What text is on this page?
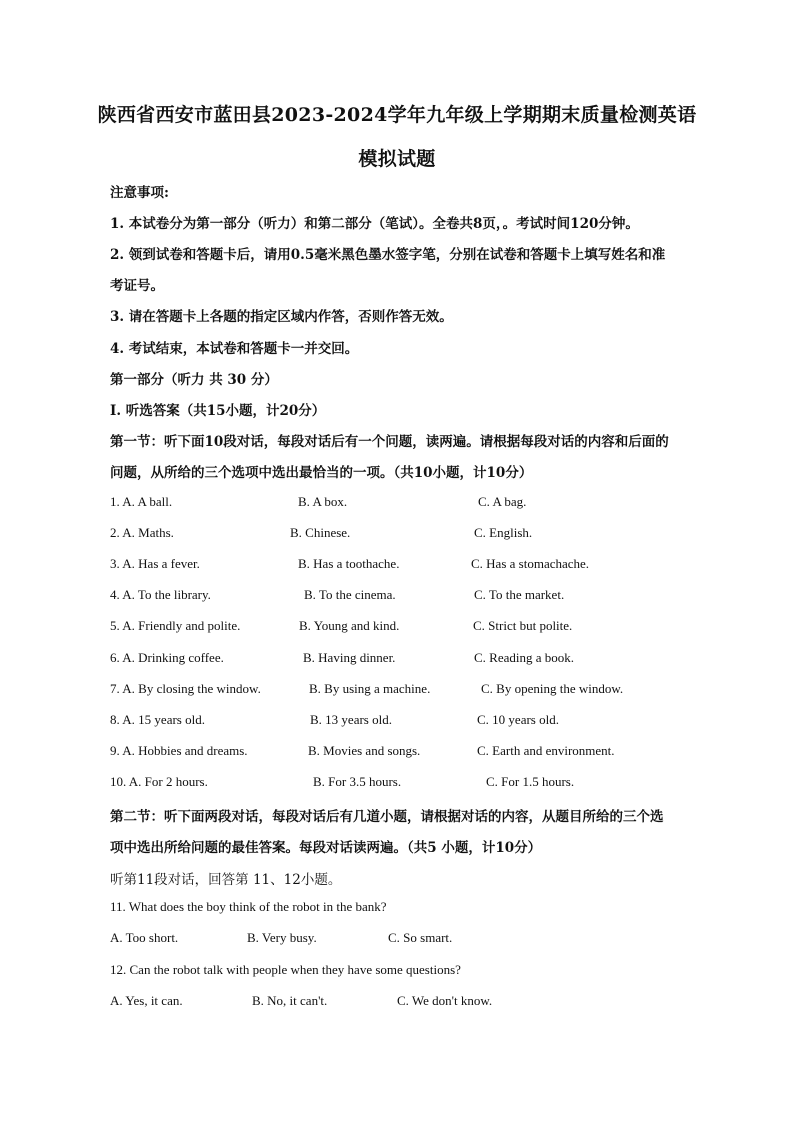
陕西省西安市蓝田县2023-2024学年九年级上学期期末质量检测英语
模拟试题
注意事项:
1. 本试卷分为第一部分（听力）和第二部分（笔试）。全卷共8页，。考试时间120分钟。
2. 领到试卷和答题卡后，请用0.5毫米黑色墨水签字笔，分别在试卷和答题卡上填写姓名和准
考证号。
3. 请在答题卡上各题的指定区域内作答，否则作答无效。
4. 考试结束，本试卷和答题卡一并交回。
第一部分（听力 共 30 分）
Ⅰ. 听选答案（共15小题，计20分）
第一节：听下面10段对话，每段对话后有一个问题，读两遍。请根据每段对话的内容和后面的
问题，从所给的三个选项中选出最恰当的一项。（共10小题，计10分）
1. A. A ball.	B. A box.	C. A bag.
2. A. Maths.	B. Chinese.	C. English.
3. A. Has a fever.	B. Has a toothache.	C. Has a stomachache.
4. A. To the library.	B. To the cinema.	C. To the market.
5. A. Friendly and polite.	B. Young and kind.	C. Strict but polite.
6. A. Drinking coffee.	B. Having dinner.	C. Reading a book.
7. A. By closing the window.	B. By using a machine.	C. By opening the window.
8. A. 15 years old.	B. 13 years old.	C. 10 years old.
9. A. Hobbies and dreams.	B. Movies and songs.	C. Earth and environment.
10. A. For 2 hours.	B. For 3.5 hours.	C. For 1.5 hours.
第二节：听下面两段对话，每段对话后有几道小题，请根据对话的内容，从题目所给的三个选
项中选出所给问题的最佳答案。每段对话读两遍。（共5 小题，计10分）
听第11段对话，回答第 11、12小题。
11. What does the boy think of the robot in the bank?
A. Too short.	B. Very busy.	C. So smart.
12. Can the robot talk with people when they have some questions?
A. Yes, it can.	B. No, it can't.	C. We don't know.
